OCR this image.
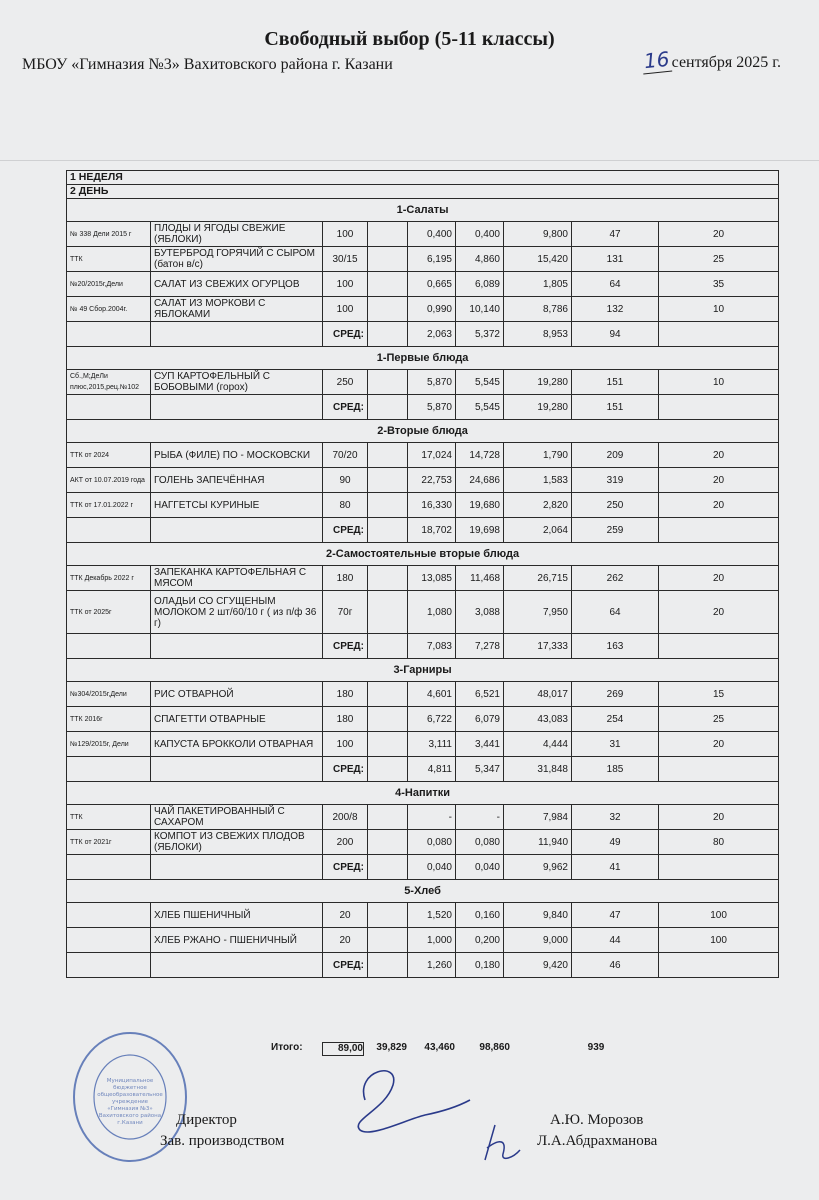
Свободный выбор (5-11 классы)
МБОУ «Гимназия №3» Вахитовского района г. Казани	16сентября 2025 г.
1 НЕДЕЛЯ								
2 ДЕНЬ								
1-Салаты								
№ 338 Дели 2015 г	ПЛОДЫ И ЯГОДЫ СВЕЖИЕ (ЯБЛОКИ)	100		0,400	0,400	9,800	47	20
ТТК	БУТЕРБРОД ГОРЯЧИЙ С СЫРОМ (батон в/с)	30/15		6,195	4,860	15,420	131	25
№20/2015г,Дели	САЛАТ ИЗ СВЕЖИХ ОГУРЦОВ	100		0,665	6,089	1,805	64	35
№ 49 Сбор.2004г.	САЛАТ ИЗ МОРКОВИ С ЯБЛОКАМИ	100		0,990	10,140	8,786	132	10
		СРЕД:		2,063	5,372	8,953	94	
1-Первые блюда								
Сб.,М;ДеЛи плюс,2015,рец.№102	СУП КАРТОФЕЛЬНЫЙ С БОБОВЫМИ (горох)	250		5,870	5,545	19,280	151	10
		СРЕД:		5,870	5,545	19,280	151	
2-Вторые блюда								
ТТК от 2024	РЫБА (ФИЛЕ) ПО - МОСКОВСКИ	70/20		17,024	14,728	1,790	209	20
АКТ от 10.07.2019 года	ГОЛЕНЬ ЗАПЕЧЁННАЯ	90		22,753	24,686	1,583	319	20
ТТК от 17.01.2022 г	НАГГЕТСЫ КУРИНЫЕ	80		16,330	19,680	2,820	250	20
		СРЕД:		18,702	19,698	2,064	259	
2-Самостоятельные вторые блюда								
ТТК Декабрь 2022 г	ЗАПЕКАНКА КАРТОФЕЛЬНАЯ С МЯСОМ	180		13,085	11,468	26,715	262	20
ТТК от 2025г	ОЛАДЬИ СО СГУЩЕНЫМ МОЛОКОМ 2 шт/60/10 г ( из п/ф 36 г)	70г		1,080	3,088	7,950	64	20
		СРЕД:		7,083	7,278	17,333	163	
3-Гарниры								
№304/2015г,Дели	РИС ОТВАРНОЙ	180		4,601	6,521	48,017	269	15
ТТК 2016г	СПАГЕТТИ ОТВАРНЫЕ	180		6,722	6,079	43,083	254	25
№129/2015г, Дели	КАПУСТА БРОККОЛИ ОТВАРНАЯ	100		3,111	3,441	4,444	31	20
		СРЕД:		4,811	5,347	31,848	185	
4-Напитки								
ТТК	ЧАЙ ПАКЕТИРОВАННЫЙ С САХАРОМ	200/8		-	-	7,984	32	20
ТТК от 2021г	КОМПОТ ИЗ СВЕЖИХ ПЛОДОВ (ЯБЛОКИ)	200		0,080	0,080	11,940	49	80
		СРЕД:		0,040	0,040	9,962	41	
5-Хлеб								
	ХЛЕБ ПШЕНИЧНЫЙ	20		1,520	0,160	9,840	47	100
	ХЛЕБ РЖАНО - ПШЕНИЧНЫЙ	20		1,000	0,200	9,000	44	100
		СРЕД:		1,260	0,180	9,420	46	
Итого:	89,00	39,829	43,460	98,860	939
Муниципальное
бюджетное
общеобразовательное
учреждение
«Гимназия №3»
Вахитовского района
г.Казани Директор
Зав. производством
А.Ю. Морозов
Л.А.Абдрахманова
